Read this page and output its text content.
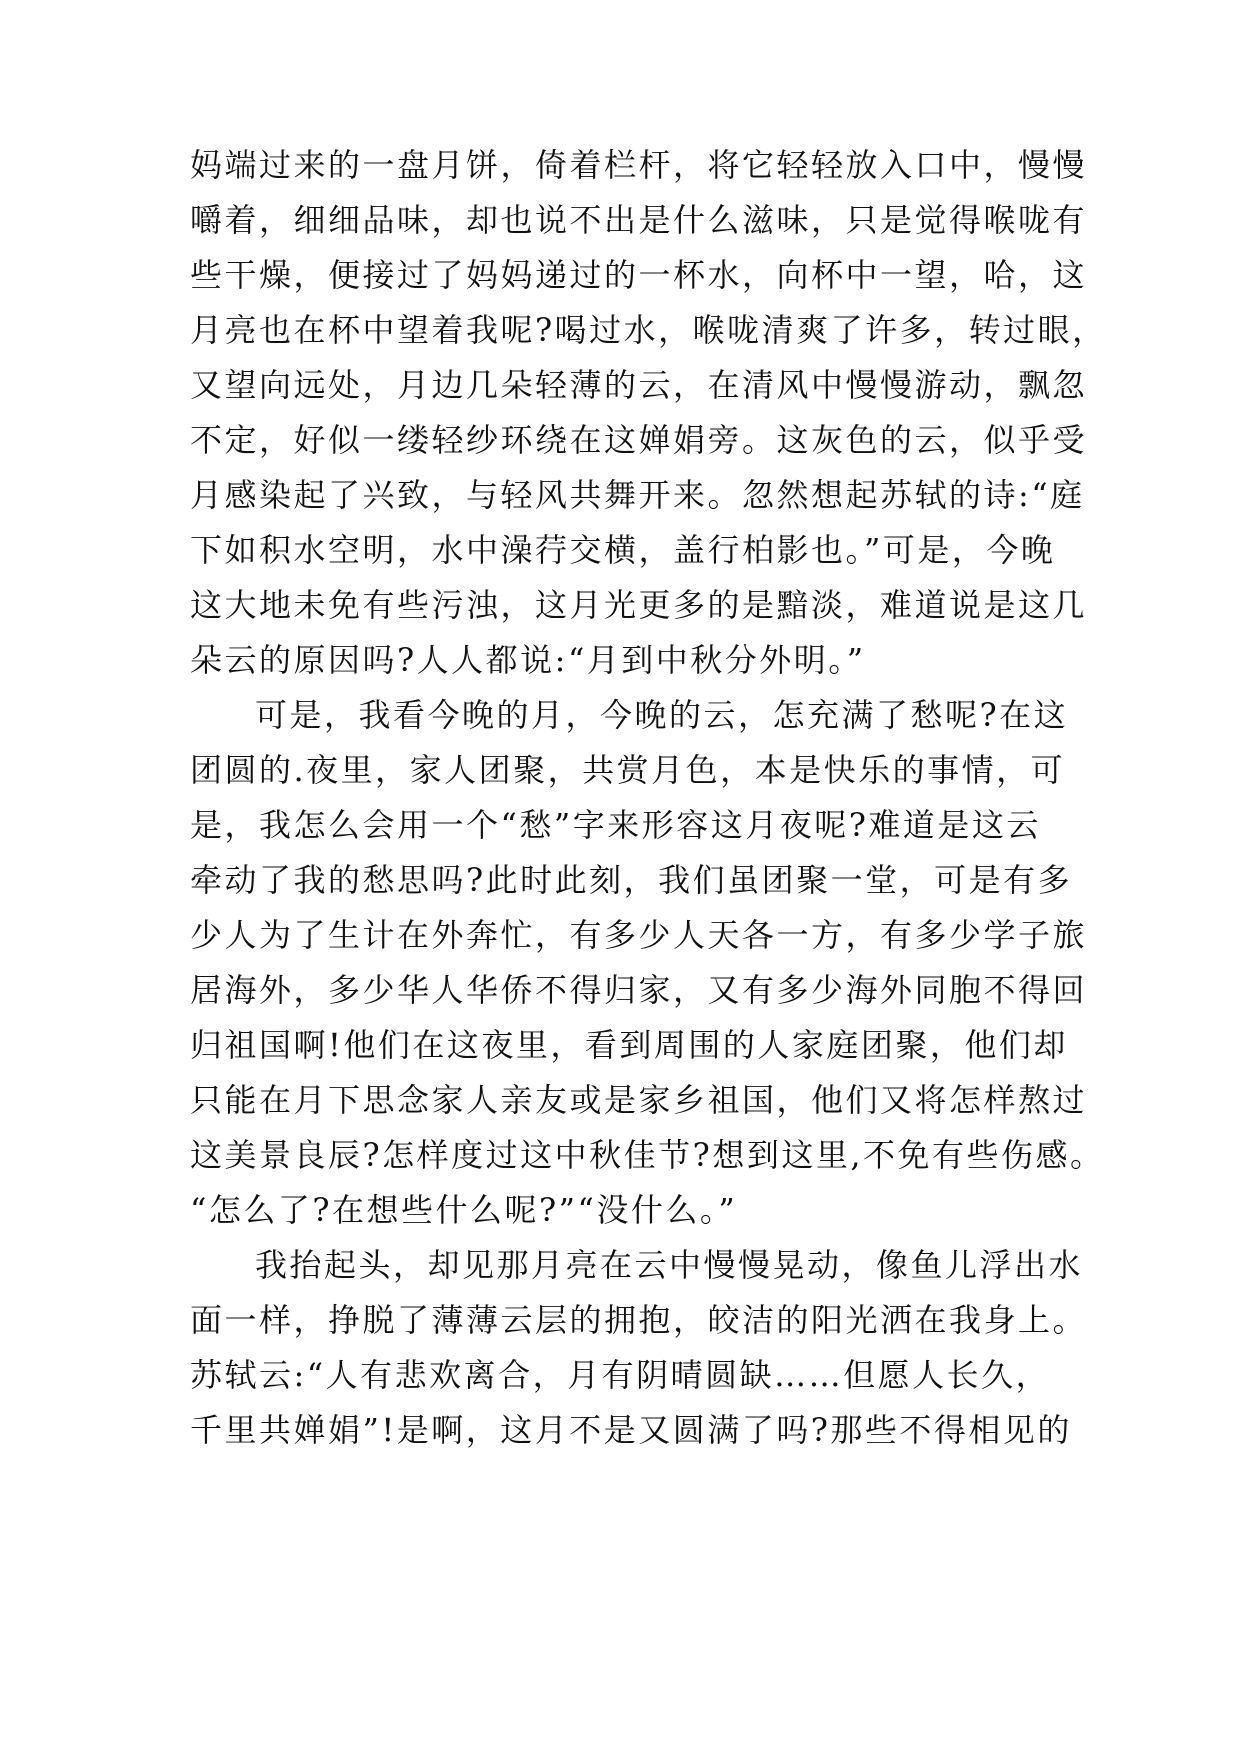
妈端过来的一盘月饼，倚着栏杆，将它轻轻放入口中，慢慢
嚼着，细细品味，却也说不出是什么滋味，只是觉得喉咙有
些干燥，便接过了妈妈递过的一杯水，向杯中一望，哈，这
月亮也在杯中望着我呢?喝过水，喉咙清爽了许多，转过眼，
又望向远处，月边几朵轻薄的云，在清风中慢慢游动，飘忽
不定，好似一缕轻纱环绕在这婵娟旁。这灰色的云，似乎受
月感染起了兴致，与轻风共舞开来。忽然想起苏轼的诗:“庭
下如积水空明，水中澡荇交横，盖行柏影也。”可是，今晚
这大地未免有些污浊，这月光更多的是黯淡，难道说是这几
朵云的原因吗?人人都说:“月到中秋分外明。”
可是，我看今晚的月，今晚的云，怎充满了愁呢?在这
团圆的.夜里，家人团聚，共赏月色，本是快乐的事情，可
是，我怎么会用一个“愁”字来形容这月夜呢?难道是这云
牵动了我的愁思吗?此时此刻，我们虽团聚一堂，可是有多
少人为了生计在外奔忙，有多少人天各一方，有多少学子旅
居海外，多少华人华侨不得归家，又有多少海外同胞不得回
归祖国啊!他们在这夜里，看到周围的人家庭团聚，他们却
只能在月下思念家人亲友或是家乡祖国，他们又将怎样熬过
这美景良辰?怎样度过这中秋佳节?想到这里,不免有些伤感。
“怎么了?在想些什么呢?”“没什么。”
我抬起头，却见那月亮在云中慢慢晃动，像鱼儿浮出水
面一样，挣脱了薄薄云层的拥抱，皎洁的阳光洒在我身上。
苏轼云:“人有悲欢离合，月有阴晴圆缺……但愿人长久，
千里共婵娟”!是啊，这月不是又圆满了吗?那些不得相见的
